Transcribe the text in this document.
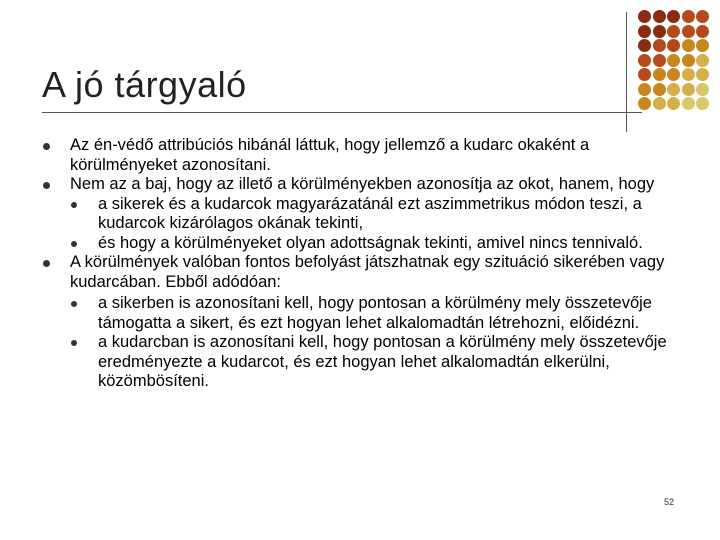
A jó tárgyaló
Az én-védő attribúciós hibánál láttuk, hogy jellemző a kudarc okaként a körülményeket azonosítani.
Nem az a baj, hogy az illető a körülményekben azonosítja az okot, hanem, hogy
a sikerek és a kudarcok magyarázatánál ezt aszimmetrikus módon teszi, a kudarcok kizárólagos okának tekinti,
és hogy a körülményeket olyan adottságnak tekinti, amivel nincs tennivaló.
A körülmények valóban fontos befolyást játszhatnak egy szituáció sikerében vagy kudarcában. Ebből adódóan:
a sikerben is azonosítani kell, hogy pontosan a körülmény mely összetevője támogatta a sikert, és ezt hogyan lehet alkalomadtán létrehozni, előidézni.
a kudarcban is azonosítani kell, hogy pontosan a körülmény mely összetevője eredményezte a kudarcot, és ezt hogyan lehet alkalomadtán elkerülni, közömbösíteni.
52
